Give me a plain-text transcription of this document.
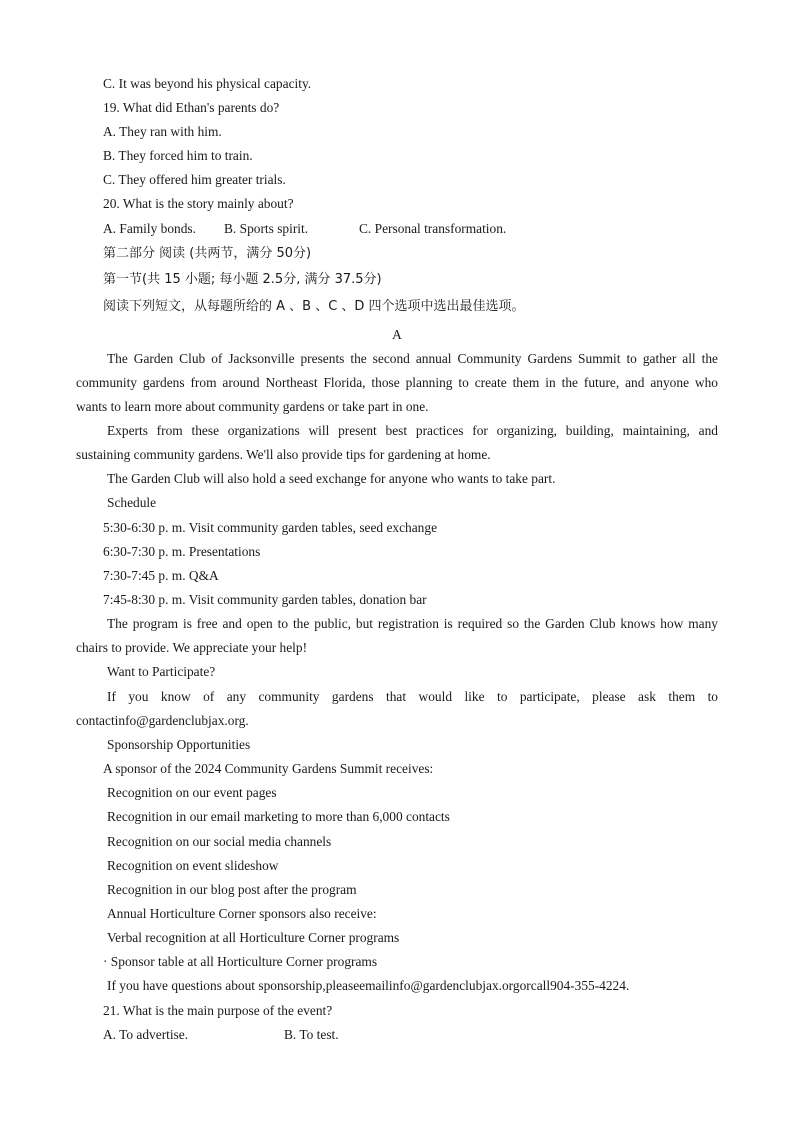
C. It was beyond his physical capacity.
19. What did Ethan's parents do?
A. They ran with him.
B. They forced him to train.
C. They offered him greater trials.
20. What is the story mainly about?
A. Family bonds. B. Sports spirit.	C. Personal transformation.
第二部分 阅读 (共两节，满分 50分)
第一节(共 15 小题; 每小题 2.5分, 满分 37.5分)
阅读下列短文，从每题所给的 A 、B 、C 、D 四个选项中选出最佳选项。
A
The Garden Club of Jacksonville presents the second annual Community Gardens Summit to gather all the
community gardens from around Northeast Florida, those planning to create them in the future, and anyone who
wants to learn more about community gardens or take part in one.
Experts from these organizations will present best practices for organizing, building, maintaining, and
sustaining community gardens. We'll also provide tips for gardening at home.
The Garden Club will also hold a seed exchange for anyone who wants to take part.
Schedule
5:30-6:30 p. m. Visit community garden tables, seed exchange
6:30-7:30 p. m. Presentations
7:30-7:45 p. m. Q&A
7:45-8:30 p. m. Visit community garden tables, donation bar
The program is free and open to the public, but registration is required so the Garden Club knows how many
chairs to provide. We appreciate your help!
Want to Participate?
If you know of any community gardens that would like to participate, please ask them to
contactinfo@gardenclubjax.org.
Sponsorship Opportunities
A sponsor of the 2024 Community Gardens Summit receives:
Recognition on our event pages
Recognition in our email marketing to more than 6,000 contacts
Recognition on our social media channels
Recognition on event slideshow
Recognition in our blog post after the program
Annual Horticulture Corner sponsors also receive:
Verbal recognition at all Horticulture Corner programs
· Sponsor table at all Horticulture Corner programs
If you have questions about sponsorship,pleaseemailinfo@gardenclubjax.orgorcall904-355-4224.
21. What is the main purpose of the event?
A. To advertise.	B. To test.
